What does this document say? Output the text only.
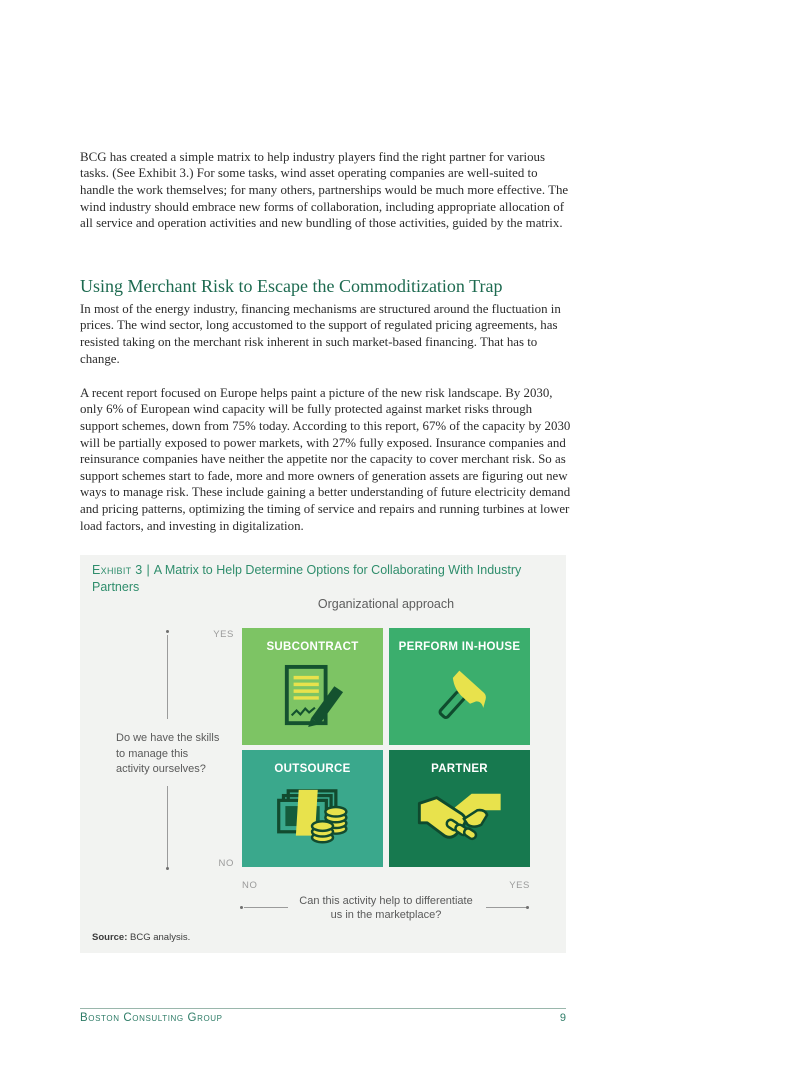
BCG has created a simple matrix to help industry players find the right partner for various tasks. (See Exhibit 3.) For some tasks, wind asset operating companies are well-suited to handle the work themselves; for many others, partnerships would be much more effective. The wind industry should embrace new forms of collaboration, including appropriate allocation of all service and operation activities and new bundling of those activities, guided by the matrix.

Using Merchant Risk to Escape the Commoditization Trap

In most of the energy industry, financing mechanisms are structured around the fluctuation in prices. The wind sector, long accustomed to the support of regulated pricing agreements, has resisted taking on the merchant risk inherent in such market-based financing. That has to change.

A recent report focused on Europe helps paint a picture of the new risk landscape. By 2030, only 6% of European wind capacity will be fully protected against market risks through support schemes, down from 75% today. According to this report, 67% of the capacity by 2030 will be partially exposed to power markets, with 27% fully exposed. Insurance companies and reinsurance companies have neither the appetite nor the capacity to cover merchant risk. So as support schemes start to fade, more and more owners of generation assets are figuring out new ways to manage risk. These include gaining a better understanding of future electricity demand and pricing patterns, optimizing the timing of service and repairs and running turbines at lower load factors, and investing in digitalization.

Exhibit 3 | A Matrix to Help Determine Options for Collaborating With Industry Partners
Organizational approach
YES
Do we have the skills
to manage this
activity ourselves?
NO
SUBCONTRACT	PERFORM IN-HOUSE
OUTSOURCE	PARTNER
NO	YES
Can this activity help to differentiate
us in the marketplace?
Source: BCG analysis.
Boston Consulting Group	9
